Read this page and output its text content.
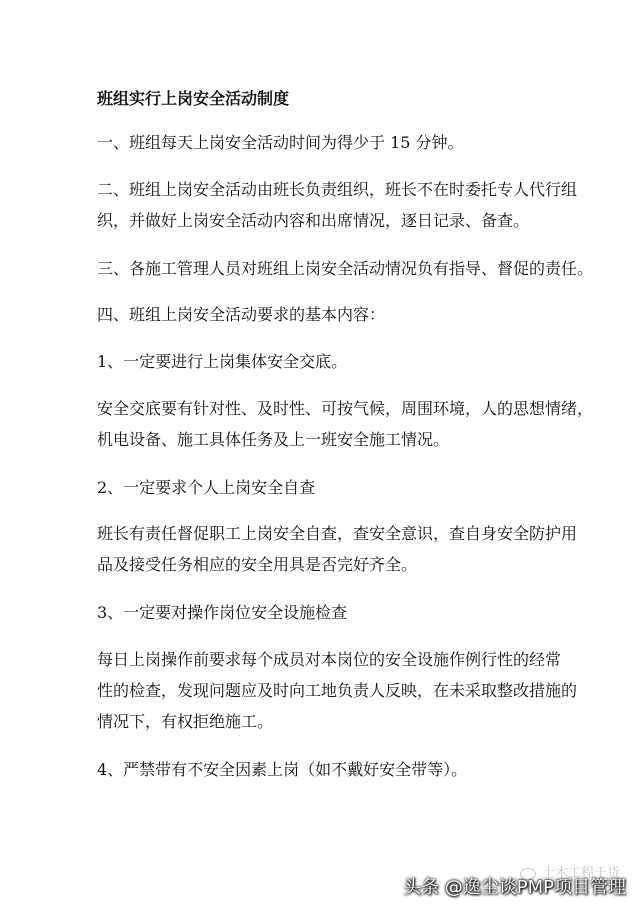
班组实行上岗安全活动制度
一、班组每天上岗安全活动时间为得少于 15 分钟。
二、班组上岗安全活动由班长负责组织，班长不在时委托专人代行组
织，并做好上岗安全活动内容和出席情况，逐日记录、备查。
三、各施工管理人员对班组上岗安全活动情况负有指导、督促的责任。
四、班组上岗安全活动要求的基本内容：
1、一定要进行上岗集体安全交底。
安全交底要有针对性、及时性、可按气候，周围环境，人的思想情绪，
机电设备、施工具体任务及上一班安全施工情况。
2、一定要求个人上岗安全自查
班长有责任督促职工上岗安全自查，查安全意识，查自身安全防护用
品及接受任务相应的安全用具是否完好齐全。
3、一定要对操作岗位安全设施检查
每日上岗操作前要求每个成员对本岗位的安全设施作例行性的经常
性的检查，发现问题应及时向工地负责人反映，在未采取整改措施的
情况下，有权拒绝施工。
4、严禁带有不安全因素上岗（如不戴好安全带等）。
土木工程干货
头条 @逸尘谈PMP项目管理
